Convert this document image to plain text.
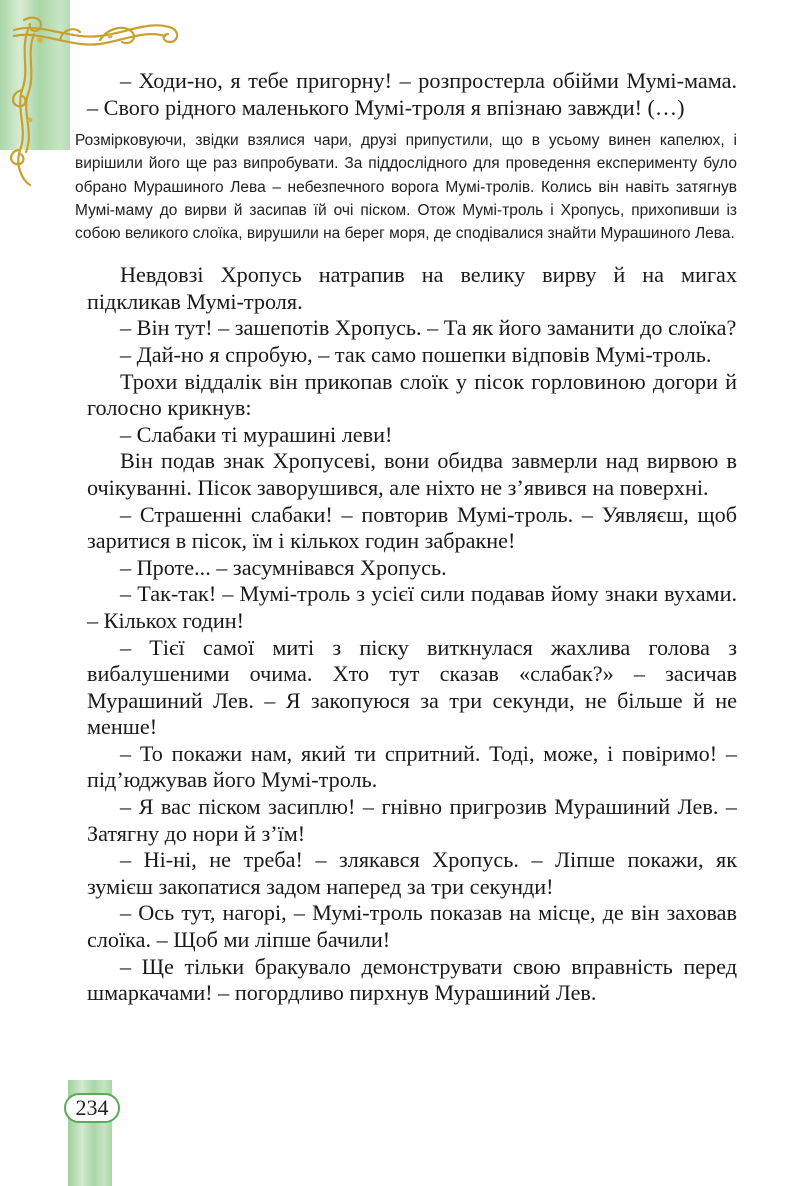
– Ходи-но, я тебе пригорну! – розпростерла обійми Мумі-мама. – Свого рідного маленького Мумі-троля я впізнаю завжди! (…)

Розмірковуючи, звідки взялися чари, друзі припустили, що в усьому винен капелюх, і вирішили його ще раз випробувати. За піддослідного для проведення експерименту було обрано Мурашиного Лева – небезпечного ворога Мумі-тролів. Колись він навіть затягнув Мумі-маму до вирви й засипав їй очі піском. Отож Мумі-троль і Хропусь, прихопивши із собою великого слоїка, вирушили на берег моря, де сподівалися знайти Мурашиного Лева.

Невдовзі Хропусь натрапив на велику вирву й на мигах підкликав Мумі-троля.

– Він тут! – зашепотів Хропусь. – Та як його заманити до слоїка?

– Дай-но я спробую, – так само пошепки відповів Мумі-троль.

Трохи віддалік він прикопав слоїк у пісок горловиною догори й голосно крикнув:

– Слабаки ті мурашині леви!

Він подав знак Хропусеві, вони обидва завмерли над вирвою в очікуванні. Пісок заворушився, але ніхто не з’явився на поверхні.

– Страшенні слабаки! – повторив Мумі-троль. – Уявляєш, щоб заритися в пісок, їм і кількох годин забракне!

– Проте... – засумнівався Хропусь.

– Так-так! – Мумі-троль з усієї сили подавав йому знаки вухами. – Кількох годин!

– Тієї самої миті з піску виткнулася жахлива голова з вибалушеними очима. Хто тут сказав «слабак?» – засичав Мурашиний Лев. – Я закопуюся за три секунди, не більше й не менше!

– То покажи нам, який ти спритний. Тоді, може, і повіримо! – під’юджував його Мумі-троль.

– Я вас піском засиплю! – гнівно пригрозив Мурашиний Лев. – Затягну до нори й з’їм!

– Ні-ні, не треба! – злякався Хропусь. – Ліпше покажи, як зумієш закопатися задом наперед за три секунди!

– Ось тут, нагорі, – Мумі-троль показав на місце, де він заховав слоїка. – Щоб ми ліпше бачили!

– Ще тільки бракувало демонструвати свою вправність перед шмаркачами! – погордливо пирхнув Мурашиний Лев.

234
